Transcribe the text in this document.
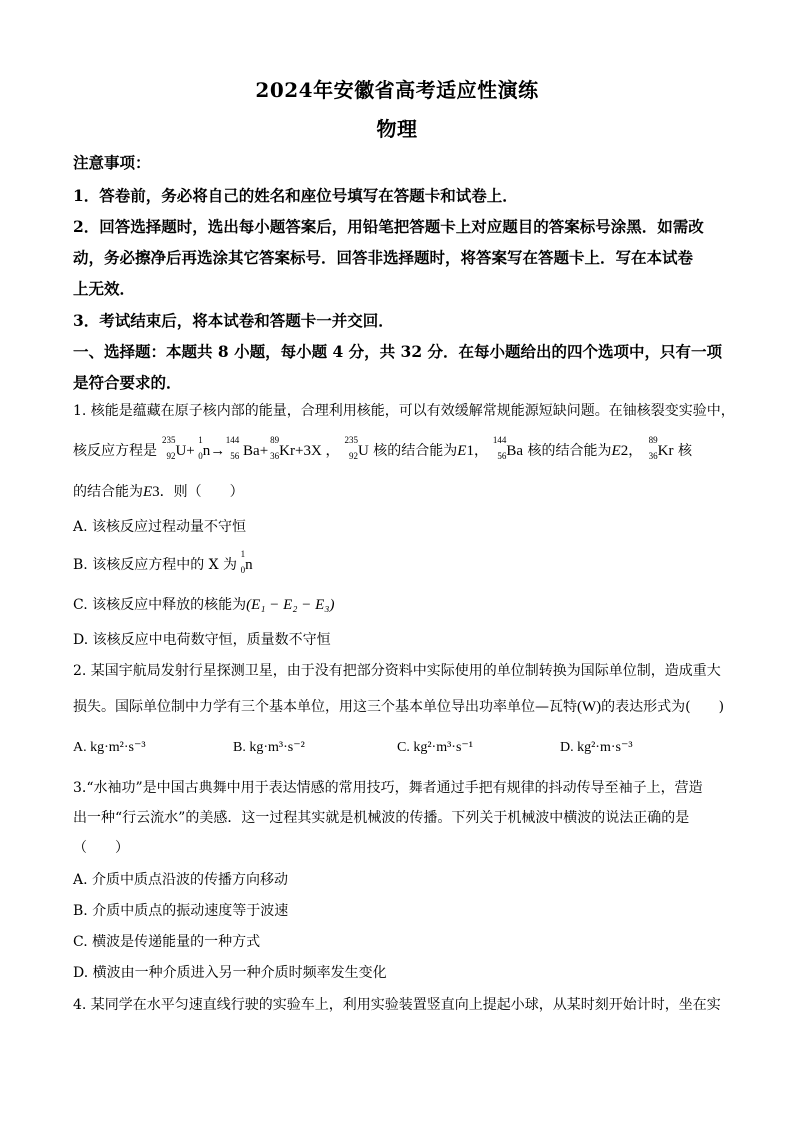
2024年安徽省高考适应性演练
物理
注意事项：
1．答卷前，务必将自己的姓名和座位号填写在答题卡和试卷上．
2．回答选择题时，选出每小题答案后，用铅笔把答题卡上对应题目的答案标号涂黑．如需改
动，务必擦净后再选涂其它答案标号．回答非选择题时，将答案写在答题卡上．写在本试卷
上无效．
3．考试结束后，将本试卷和答题卡一并交回．
一、选择题：本题共 8 小题，每小题 4 分，共 32 分．在每小题给出的四个选项中，只有一项
是符合要求的．
1. 核能是蕴藏在原子核内部的能量，合理利用核能，可以有效缓解常规能源短缺问题。在铀核裂变实验中，
核反应方程是
235
92 U+
1
0 n→
144
56 Ba+
89
36 Kr+3X ，
235
92 U 核的结合能为E1，
144
56 Ba 核的结合能为E2，
89
36 Kr 核
的结合能为E3．则（　　）
A. 该核反应过程动量不守恒
B. 该核反应方程中的 X 为
1
0 n
C. 该核反应中释放的核能为(E₁ − E₂ − E₃)
D. 该核反应中电荷数守恒，质量数不守恒
2. 某国宇航局发射行星探测卫星，由于没有把部分资料中实际使用的单位制转换为国际单位制，造成重大
损失。国际单位制中力学有三个基本单位，用这三个基本单位导出功率单位—瓦特(W)的表达形式为(　　)
A. kg·m²·s⁻³	B. kg·m³·s⁻²	C. kg²·m³·s⁻¹	D. kg²·m·s⁻³
3.“水袖功”是中国古典舞中用于表达情感的常用技巧，舞者通过手把有规律的抖动传导至袖子上，营造
出一种“行云流水”的美感．这一过程其实就是机械波的传播。下列关于机械波中横波的说法正确的是
（　　）
A. 介质中质点沿波的传播方向移动
B. 介质中质点的振动速度等于波速
C. 横波是传递能量的一种方式
D. 横波由一种介质进入另一种介质时频率发生变化
4. 某同学在水平匀速直线行驶的实验车上，利用实验装置竖直向上提起小球，从某时刻开始计时，坐在实
